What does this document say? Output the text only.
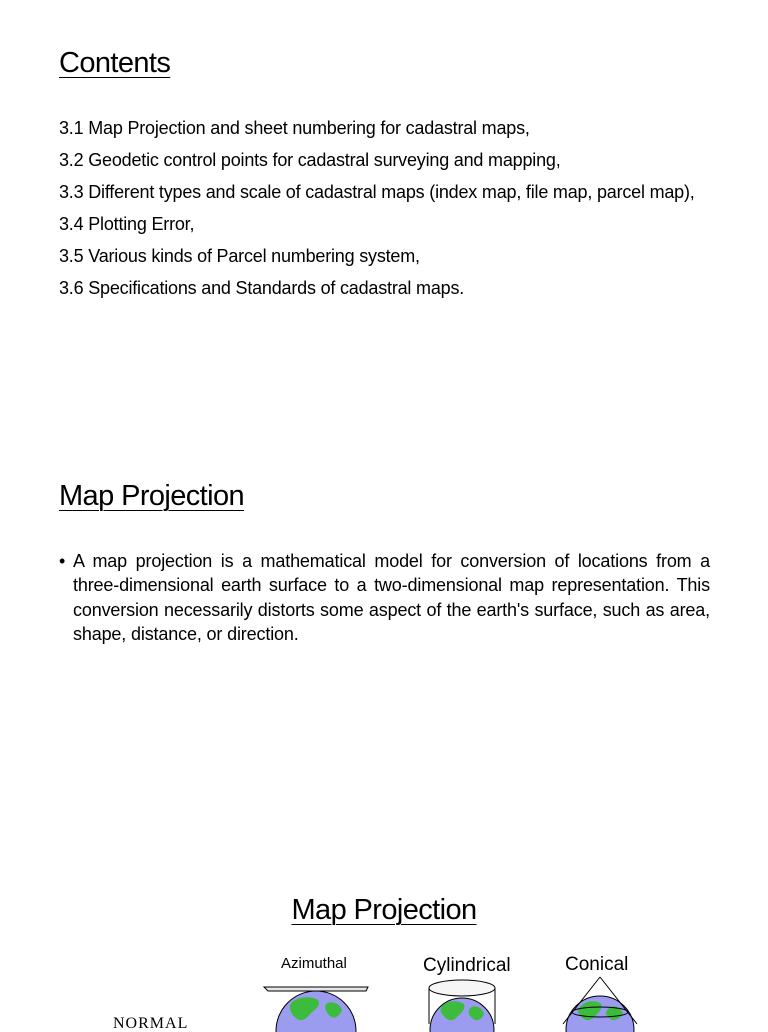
Contents
3.1 Map Projection and sheet numbering for cadastral maps,
3.2 Geodetic control points for cadastral surveying and mapping,
3.3 Different types and scale of cadastral maps (index map, file map, parcel map),
3.4 Plotting Error,
3.5 Various kinds of Parcel numbering system,
3.6 Specifications and Standards of cadastral maps.
Map Projection
• A map projection is a mathematical model for conversion of locations from a three-dimensional earth surface to a two-dimensional map representation. This conversion necessarily distorts some aspect of the earth's surface, such as area, shape, distance, or direction.

Map Projection

Azimuthal	Cylindrical	Conical

NORMAL
